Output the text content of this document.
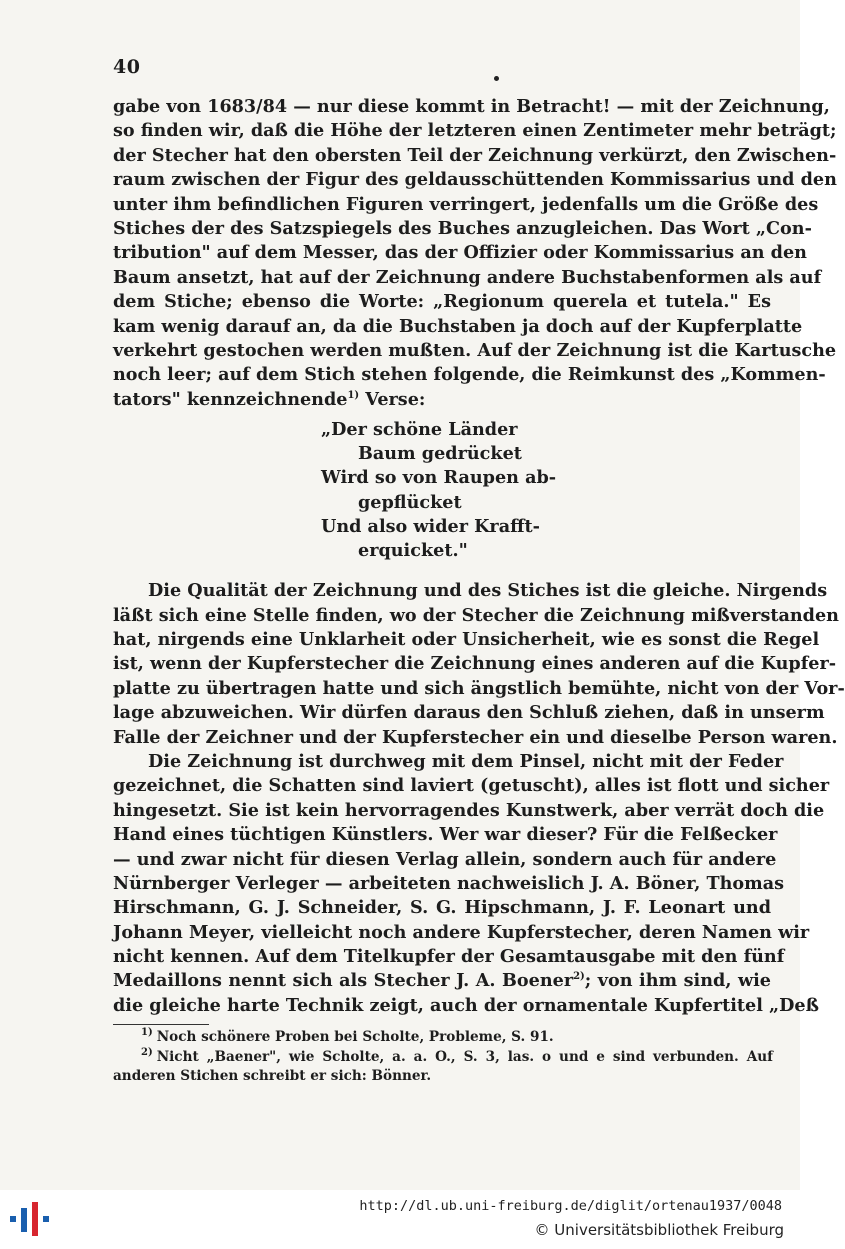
40
gabe von 1683/84 — nur diese kommt in Betracht! — mit der Zeichnung,
so finden wir, daß die Höhe der letzteren einen Zentimeter mehr beträgt;
der Stecher hat den obersten Teil der Zeichnung verkürzt, den Zwischen-
raum zwischen der Figur des geldausschüttenden Kommissarius und den
unter ihm befindlichen Figuren verringert, jedenfalls um die Größe des
Stiches der des Satzspiegels des Buches anzugleichen. Das Wort „Con-
tribution" auf dem Messer, das der Offizier oder Kommissarius an den
Baum ansetzt, hat auf der Zeichnung andere Buchstabenformen als auf
dem Stiche; ebenso die Worte: „Regionum querela et tutela." Es
kam wenig darauf an, da die Buchstaben ja doch auf der Kupferplatte
verkehrt gestochen werden mußten. Auf der Zeichnung ist die Kartusche
noch leer; auf dem Stich stehen folgende, die Reimkunst des „Kommen-
tators" kennzeichnende$^{1)}$ Verse:
„Der schöne Länder
Baum gedrücket
Wird so von Raupen ab-
gepflücket
Und also wider Krafft-
erquicket."
Die Qualität der Zeichnung und des Stiches ist die gleiche. Nirgends
läßt sich eine Stelle finden, wo der Stecher die Zeichnung mißverstanden
hat, nirgends eine Unklarheit oder Unsicherheit, wie es sonst die Regel
ist, wenn der Kupferstecher die Zeichnung eines anderen auf die Kupfer-
platte zu übertragen hatte und sich ängstlich bemühte, nicht von der Vor-
lage abzuweichen. Wir dürfen daraus den Schluß ziehen, daß in unserm
Falle der Zeichner und der Kupferstecher ein und dieselbe Person waren.
Die Zeichnung ist durchweg mit dem Pinsel, nicht mit der Feder
gezeichnet, die Schatten sind laviert (getuscht), alles ist flott und sicher
hingesetzt. Sie ist kein hervorragendes Kunstwerk, aber verrät doch die
Hand eines tüchtigen Künstlers. Wer war dieser? Für die Felßecker
— und zwar nicht für diesen Verlag allein, sondern auch für andere
Nürnberger Verleger — arbeiteten nachweislich J. A. Böner, Thomas
Hirschmann, G. J. Schneider, S. G. Hipschmann, J. F. Leonart und
Johann Meyer, vielleicht noch andere Kupferstecher, deren Namen wir
nicht kennen. Auf dem Titelkupfer der Gesamtausgabe mit den fünf
Medaillons nennt sich als Stecher J. A. Boener$^{2)}$; von ihm sind, wie
die gleiche harte Technik zeigt, auch der ornamentale Kupfertitel „Deß
$^{1)}$ Noch schönere Proben bei Scholte, Probleme, S. 91.
$^{2)}$ Nicht „Baener", wie Scholte, a. a. O., S. 3, las. o und e sind verbunden. Auf
anderen Stichen schreibt er sich: Bönner.
http://dl.ub.uni-freiburg.de/diglit/ortenau1937/0048
© Universitätsbibliothek Freiburg
